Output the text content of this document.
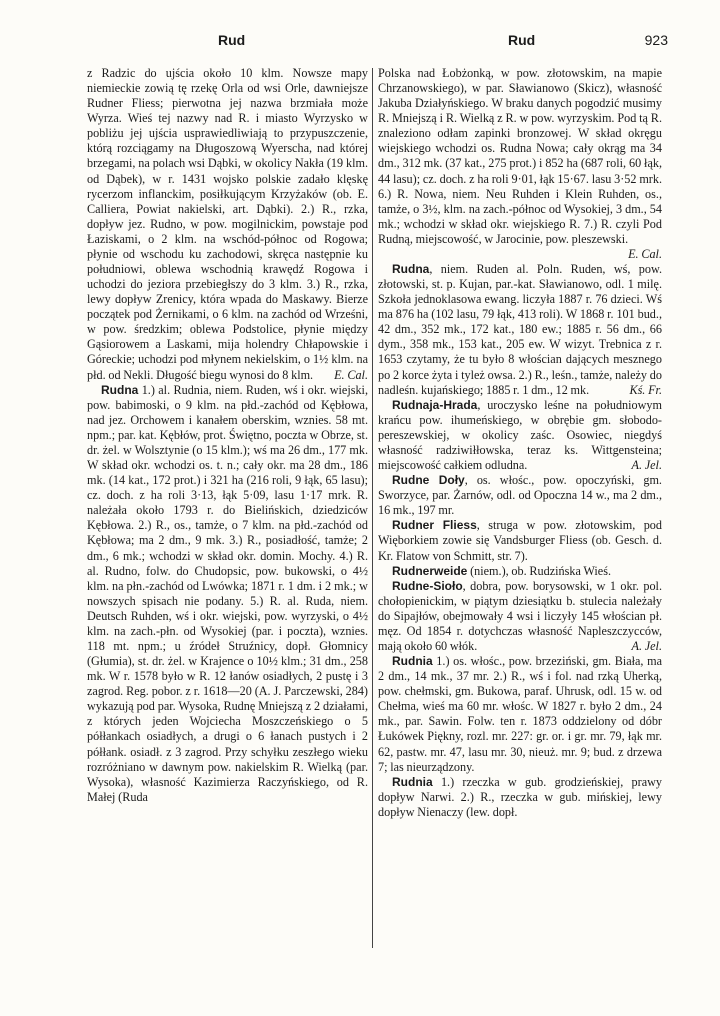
Rud	Rud	923

z Radzic do ujścia około 10 klm. Nowsze mapy niemieckie zowią tę rzekę Orla od wsi Orle, dawniejsze Rudner Fliess; pierwotna jej nazwa brzmiała może Wyrza. Wieś tej nazwy nad R. i miasto Wyrzysko w pobliżu jej ujścia usprawiedliwiają to przypuszczenie, którą rozciągamy na Długoszową Wyerscha, nad której brzegami, na polach wsi Dąbki, w okolicy Nakła (19 klm. od Dąbek), w r. 1431 wojsko polskie zadało klęskę rycerzom inflanckim, posiłkującym Krzyżaków (ob. E. Calliera, Powiat nakielski, art. Dąbki). 2.) R., rzka, dopływ jez. Rudno, w pow. mogilnickim, powstaje pod Łaziskami, o 2 klm. na wschód-północ od Rogowa; płynie od wschodu ku zachodowi, skręca następnie ku południowi, oblewa wschodnią krawędź Rogowa i uchodzi do jeziora przebiegłszy do 3 klm. 3.) R., rzka, lewy dopływ Zrenicy, która wpada do Maskawy. Bierze początek pod Żernikami, o 6 klm. na zachód od Wrześni, w pow. średzkim; oblewa Podstolice, płynie między Gąsiorowem a Laskami, mija holendry Chłapowskie i Góreckie; uchodzi pod młynem nekielskim, o 1½ klm. na płd. od Nekli. Długość biegu wynosi do 8 klm. E. Cal.

Rudna 1.) al. Rudnia, niem. Ruden, wś i okr. wiejski, pow. babimoski, o 9 klm. na płd.-zachód od Kębłowa, nad jez. Orchowem i kanałem oberskim, wznies. 58 mt. npm.; par. kat. Kębłów, prot. Świętno, poczta w Obrze, st. dr. żel. w Wolsztynie (o 15 klm.); wś ma 26 dm., 177 mk. W skład okr. wchodzi os. t. n.; cały okr. ma 28 dm., 186 mk. (14 kat., 172 prot.) i 321 ha (216 roli, 9 łąk, 65 lasu); cz. doch. z ha roli 3·13, łąk 5·09, lasu 1·17 mrk. R. należała około 1793 r. do Bielińskich, dziedziców Kębłowa. 2.) R., os., tamże, o 7 klm. na płd.-zachód od Kębłowa; ma 2 dm., 9 mk. 3.) R., posiadłość, tamże; 2 dm., 6 mk.; wchodzi w skład okr. domin. Mochy. 4.) R. al. Rudno, folw. do Chudopsic, pow. bukowski, o 4½ klm. na płn.-zachód od Lwówka; 1871 r. 1 dm. i 2 mk.; w nowszych spisach nie podany. 5.) R. al. Ruda, niem. Deutsch Ruhden, wś i okr. wiejski, pow. wyrzyski, o 4½ klm. na zach.-płn. od Wysokiej (par. i poczta), wznies. 118 mt. npm.; u źródeł Struźnicy, dopł. Głomnicy (Głumia), st. dr. żel. w Krajence o 10½ klm.; 31 dm., 258 mk. W r. 1578 było w R. 12 łanów osiadłych, 2 pustę i 3 zagrod. Reg. pobor. z r. 1618—20 (A. J. Parczewski, 284) wykazują pod par. Wysoka, Rudnę Mniejszą z 2 działami, z których jeden Wojciecha Moszczeńskiego o 5 półłankach osiadłych, a drugi o 6 łanach pustych i 2 półłank. osiadł. z 3 zagrod. Przy schyłku zeszłego wieku rozróżniano w dawnym pow. nakielskim R. Wielką (par. Wysoka), własność Kazimierza Raczyńskiego, od R. Małej (Ruda

Polska nad Łobżonką, w pow. złotowskim, na mapie Chrzanowskiego), w par. Sławianowo (Skicz), własność Jakuba Działyńskiego. W braku danych pogodzić musimy R. Mniejszą i R. Wielką z R. w pow. wyrzyskim. Pod tą R. znaleziono odłam zapinki bronzowej. W skład okręgu wiejskiego wchodzi os. Rudna Nowa; cały okrąg ma 34 dm., 312 mk. (37 kat., 275 prot.) i 852 ha (687 roli, 60 łąk, 44 lasu); cz. doch. z ha roli 9·01, łąk 15·67. lasu 3·52 mrk. 6.) R. Nowa, niem. Neu Ruhden i Klein Ruhden, os., tamże, o 3½, klm. na zach.-północ od Wysokiej, 3 dm., 54 mk.; wchodzi w skład okr. wiejskiego R. 7.) R. czyli Pod Rudną, miejscowość, w Jarocinie, pow. pleszewski.
E. Cal.

Rudna, niem. Ruden al. Poln. Ruden, wś, pow. złotowski, st. p. Kujan, par.-kat. Sławianowo, odl. 1 milę. Szkoła jednoklasowa ewang. liczyła 1887 r. 76 dzieci. Wś ma 876 ha (102 lasu, 79 łąk, 413 roli). W 1868 r. 101 bud., 42 dm., 352 mk., 172 kat., 180 ew.; 1885 r. 56 dm., 66 dym., 358 mk., 153 kat., 205 ew. W wizyt. Trebnica z r. 1653 czytamy, że tu było 8 włościan dających mesznego po 2 korce żyta i tyleż owsa. 2.) R., leśn., tamże, należy do nadleśn. kujańskiego; 1885 r. 1 dm., 12 mk.	Kś. Fr.

Rudnaja-Hrada, uroczysko leśne na południowym krańcu pow. ihumeńskiego, w obrębie gm. słobodo-pereszewskiej, w okolicy zaśc. Osowiec, niegdyś własność radziwiłłowska, teraz ks. Wittgensteina; miejscowość całkiem odludna.	A. Jel.

Rudne Doły, os. włośc., pow. opoczyński, gm. Sworzyce, par. Żarnów, odl. od Opoczna 14 w., ma 2 dm., 16 mk., 197 mr.

Rudner Fliess, struga w pow. złotowskim, pod Więborkiem zowie się Vandsburger Fliess (ob. Gesch. d. Kr. Flatow von Schmitt, str. 7).

Rudnerweide (niem.), ob. Rudzińska Wieś.

Rudne-Sioło, dobra, pow. borysowski, w 1 okr. pol. chołopienickim, w piątym dziesiątku b. stulecia należały do Sipajłów, obejmowały 4 wsi i liczyły 145 włościan pł. męz. Od 1854 r. dotychczas własność Napleszczycców, mają około 60 włók.	A. Jel.

Rudnia 1.) os. włośc., pow. brzeziński, gm. Biała, ma 2 dm., 14 mk., 37 mr. 2.) R., wś i fol. nad rzką Uherką, pow. chełmski, gm. Bukowa, paraf. Uhrusk, odl. 15 w. od Chełma, wieś ma 60 mr. włośc. W 1827 r. było 2 dm., 24 mk., par. Sawin. Folw. ten r. 1873 oddzielony od dóbr Łukówek Piękny, rozl. mr. 227: gr. or. i gr. mr. 79, łąk mr. 62, pastw. mr. 47, lasu mr. 30, nieuż. mr. 9; bud. z drzewa 7; las nieurządzony.

Rudnia 1.) rzeczka w gub. grodzieńskiej, prawy dopływ Narwi. 2.) R., rzeczka w gub. mińskiej, lewy dopływ Nienaczy (lew. dopł.
